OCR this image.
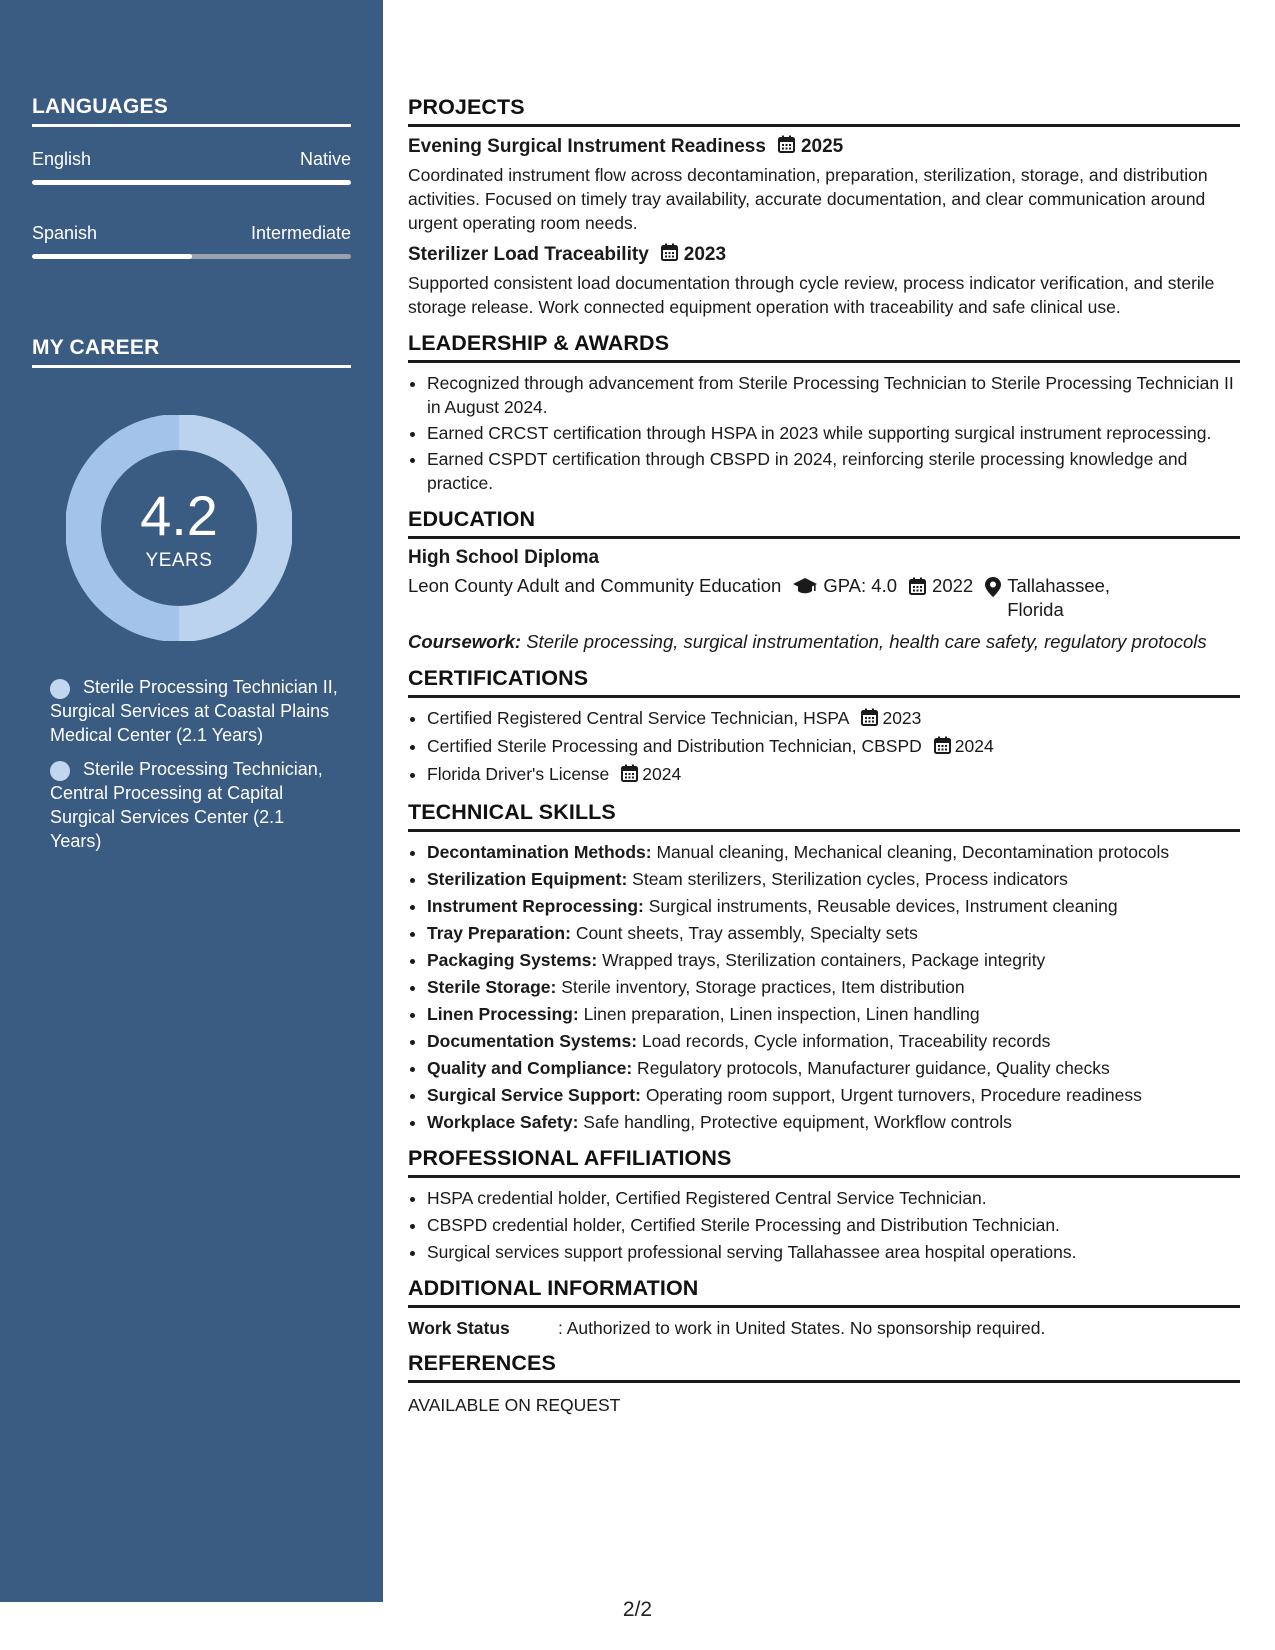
LANGUAGES
English	Native
Spanish	Intermediate
MY CAREER
4.2
YEARS
Sterile Processing Technician II, Surgical Services at Coastal Plains Medical Center (2.1 Years)
Sterile Processing Technician, Central Processing at Capital Surgical Services Center (2.1 Years)
PROJECTS
Evening Surgical Instrument Readiness 2025
Coordinated instrument flow across decontamination, preparation, sterilization, storage, and distribution activities. Focused on timely tray availability, accurate documentation, and clear communication around urgent operating room needs.
Sterilizer Load Traceability 2023
Supported consistent load documentation through cycle review, process indicator verification, and sterile storage release. Work connected equipment operation with traceability and safe clinical use.
LEADERSHIP & AWARDS
• Recognized through advancement from Sterile Processing Technician to Sterile Processing Technician II in August 2024.
• Earned CRCST certification through HSPA in 2023 while supporting surgical instrument reprocessing.
• Earned CSPDT certification through CBSPD in 2024, reinforcing sterile processing knowledge and practice.
EDUCATION
High School Diploma
Leon County Adult and Community Education GPA: 4.0 2022 Tallahassee, Florida
Coursework: Sterile processing, surgical instrumentation, health care safety, regulatory protocols
CERTIFICATIONS
• Certified Registered Central Service Technician, HSPA 2023
• Certified Sterile Processing and Distribution Technician, CBSPD 2024
• Florida Driver's License 2024
TECHNICAL SKILLS
• Decontamination Methods: Manual cleaning, Mechanical cleaning, Decontamination protocols
• Sterilization Equipment: Steam sterilizers, Sterilization cycles, Process indicators
• Instrument Reprocessing: Surgical instruments, Reusable devices, Instrument cleaning
• Tray Preparation: Count sheets, Tray assembly, Specialty sets
• Packaging Systems: Wrapped trays, Sterilization containers, Package integrity
• Sterile Storage: Sterile inventory, Storage practices, Item distribution
• Linen Processing: Linen preparation, Linen inspection, Linen handling
• Documentation Systems: Load records, Cycle information, Traceability records
• Quality and Compliance: Regulatory protocols, Manufacturer guidance, Quality checks
• Surgical Service Support: Operating room support, Urgent turnovers, Procedure readiness
• Workplace Safety: Safe handling, Protective equipment, Workflow controls
PROFESSIONAL AFFILIATIONS
• HSPA credential holder, Certified Registered Central Service Technician.
• CBSPD credential holder, Certified Sterile Processing and Distribution Technician.
• Surgical services support professional serving Tallahassee area hospital operations.
ADDITIONAL INFORMATION
Work Status	: Authorized to work in United States. No sponsorship required.
REFERENCES
AVAILABLE ON REQUEST
2/2
